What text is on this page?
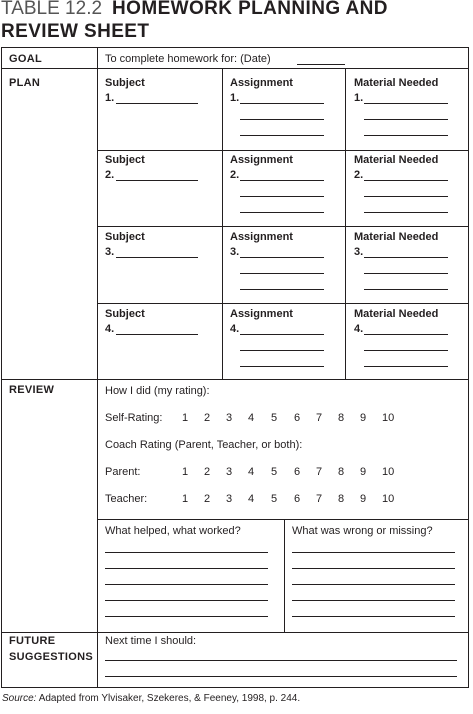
TABLE 12.2 HOMEWORK PLANNING AND
REVIEW SHEET
GOAL
PLAN
REVIEW
FUTURE
SUGGESTIONS
To complete homework for: (Date)
Subject
1.
Assignment
1.
Material Needed
1.
Subject
2.
Assignment
2.
Material Needed
2.
Subject
3.
Assignment
3.
Material Needed
3.
Subject
4.
Assignment
4.
Material Needed
4.
How I did (my rating):
Self-Rating:
Coach Rating (Parent, Teacher, or both):
Parent:
Teacher:
1 2 3 4 5 6 7 8 9 10
1 2 3 4 5 6 7 8 9 10
1 2 3 4 5 6 7 8 9 10
What helped, what worked?	What was wrong or missing?
Next time I should:
Source: Adapted from Ylvisaker, Szekeres, & Feeney, 1998, p. 244.
